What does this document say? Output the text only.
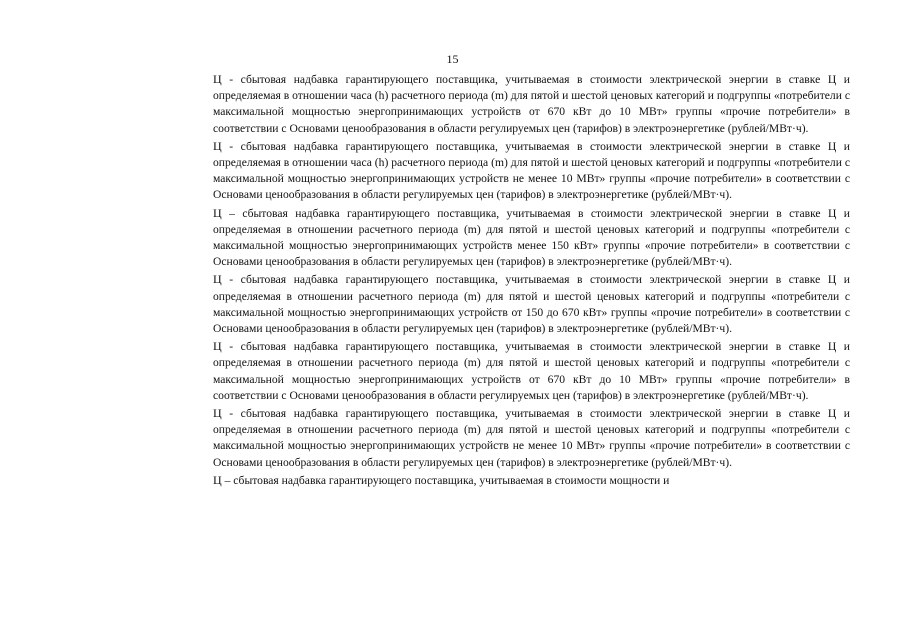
15

Ц - сбытовая надбавка гарантирующего поставщика, учитываемая в стоимости электрической энергии в ставке Ц и определяемая в отношении часа (h) расчетного периода (m) для пятой и шестой ценовых категорий и подгруппы «потребители с максимальной мощностью энергопринимающих устройств от 670 кВт до 10 МВт» группы «прочие потребители» в соответствии с Основами ценообразования в области регулируемых цен (тарифов) в электроэнергетике (рублей/МВт·ч).

Ц - сбытовая надбавка гарантирующего поставщика, учитываемая в стоимости электрической энергии в ставке Ц и определяемая в отношении часа (h) расчетного периода (m) для пятой и шестой ценовых категорий и подгруппы «потребители с максимальной мощностью энергопринимающих устройств не менее 10 МВт» группы «прочие потребители» в соответствии с Основами ценообразования в области регулируемых цен (тарифов) в электроэнергетике (рублей/МВт·ч).

Ц – сбытовая надбавка гарантирующего поставщика, учитываемая в стоимости электрической энергии в ставке Ц и определяемая в отношении расчетного периода (m) для пятой и шестой ценовых категорий и подгруппы «потребители с максимальной мощностью энергопринимающих устройств менее 150 кВт» группы «прочие потребители» в соответствии с Основами ценообразования в области регулируемых цен (тарифов) в электроэнергетике (рублей/МВт·ч).

Ц - сбытовая надбавка гарантирующего поставщика, учитываемая в стоимости электрической энергии в ставке Ц и определяемая в отношении расчетного периода (m) для пятой и шестой ценовых категорий и подгруппы «потребители с максимальной мощностью энергопринимающих устройств от 150 до 670 кВт» группы «прочие потребители» в соответствии с Основами ценообразования в области регулируемых цен (тарифов) в электроэнергетике (рублей/МВт·ч).

Ц - сбытовая надбавка гарантирующего поставщика, учитываемая в стоимости электрической энергии в ставке Ц и определяемая в отношении расчетного периода (m) для пятой и шестой ценовых категорий и подгруппы «потребители с максимальной мощностью энергопринимающих устройств от 670 кВт до 10 МВт» группы «прочие потребители» в соответствии с Основами ценообразования в области регулируемых цен (тарифов) в электроэнергетике (рублей/МВт·ч).

Ц - сбытовая надбавка гарантирующего поставщика, учитываемая в стоимости электрической энергии в ставке Ц и определяемая в отношении расчетного периода (m) для пятой и шестой ценовых категорий и подгруппы «потребители с максимальной мощностью энергопринимающих устройств не менее 10 МВт» группы «прочие потребители» в соответствии с Основами ценообразования в области регулируемых цен (тарифов) в электроэнергетике (рублей/МВт·ч).

Ц – сбытовая надбавка гарантирующего поставщика, учитываемая в стоимости мощности и
